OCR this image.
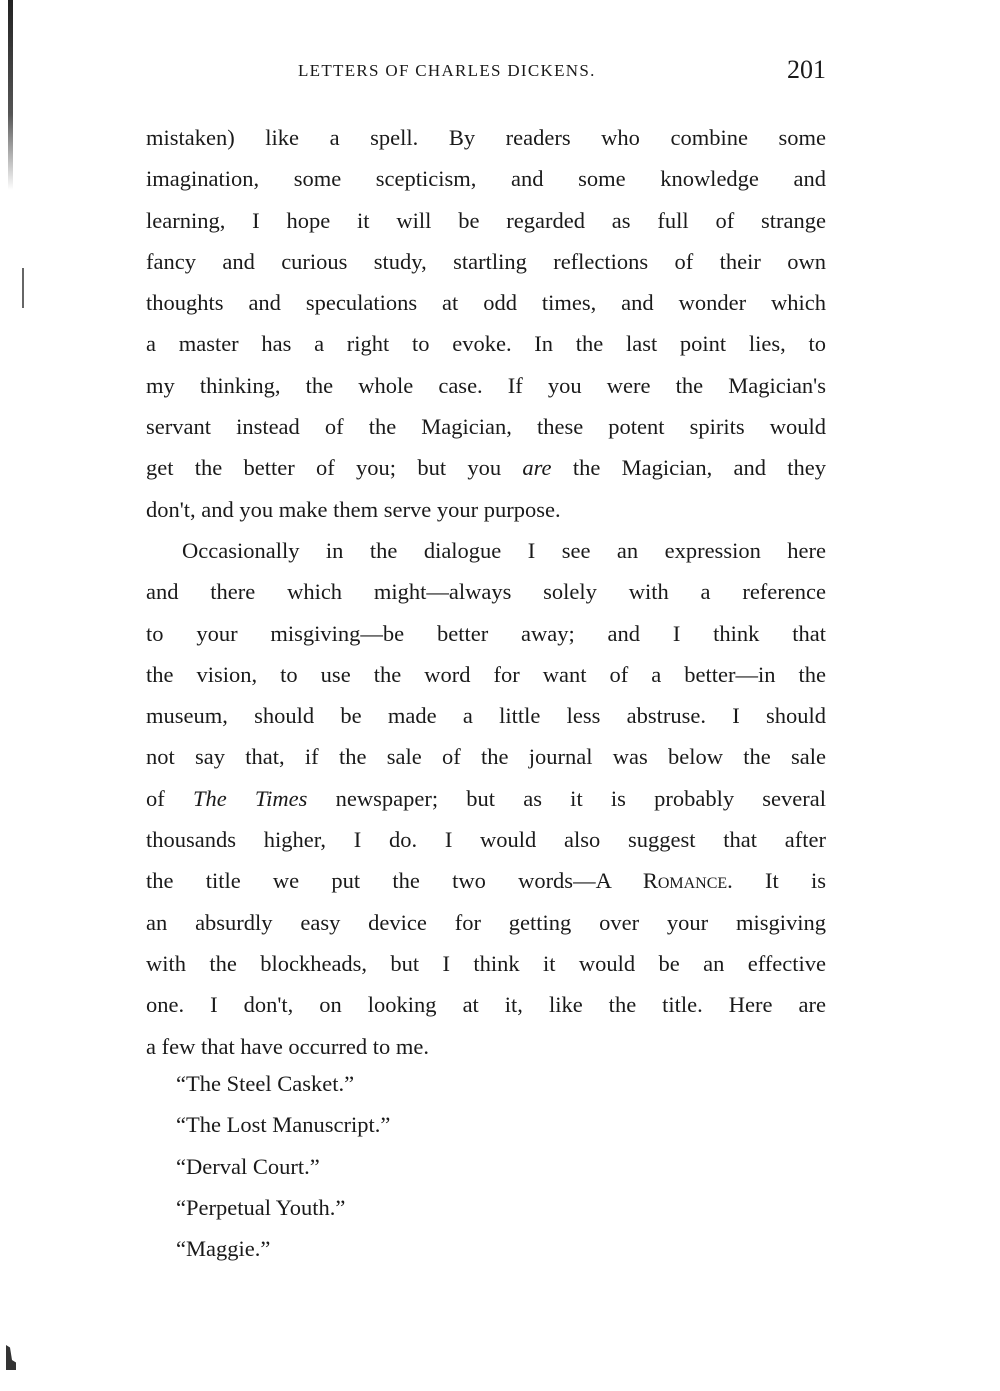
LETTERS OF CHARLES DICKENS.	201

mistaken) like a spell. By readers who combine some
imagination, some scepticism, and some knowledge and
learning, I hope it will be regarded as full of strange
fancy and curious study, startling reflections of their own
thoughts and speculations at odd times, and wonder which
a master has a right to evoke. In the last point lies, to
my thinking, the whole case. If you were the Magician's
servant instead of the Magician, these potent spirits would
get the better of you; but you are the Magician, and they
don't, and you make them serve your purpose.

Occasionally in the dialogue I see an expression here
and there which might—always solely with a reference
to your misgiving—be better away; and I think that
the vision, to use the word for want of a better—in the
museum, should be made a little less abstruse. I should
not say that, if the sale of the journal was below the sale
of The Times newspaper; but as it is probably several
thousands higher, I do. I would also suggest that after
the title we put the two words—A Romance. It is
an absurdly easy device for getting over your misgiving
with the blockheads, but I think it would be an effective
one. I don't, on looking at it, like the title. Here are
a few that have occurred to me.

“The Steel Casket.”
“The Lost Manuscript.”
“Derval Court.”
“Perpetual Youth.”
“Maggie.”
